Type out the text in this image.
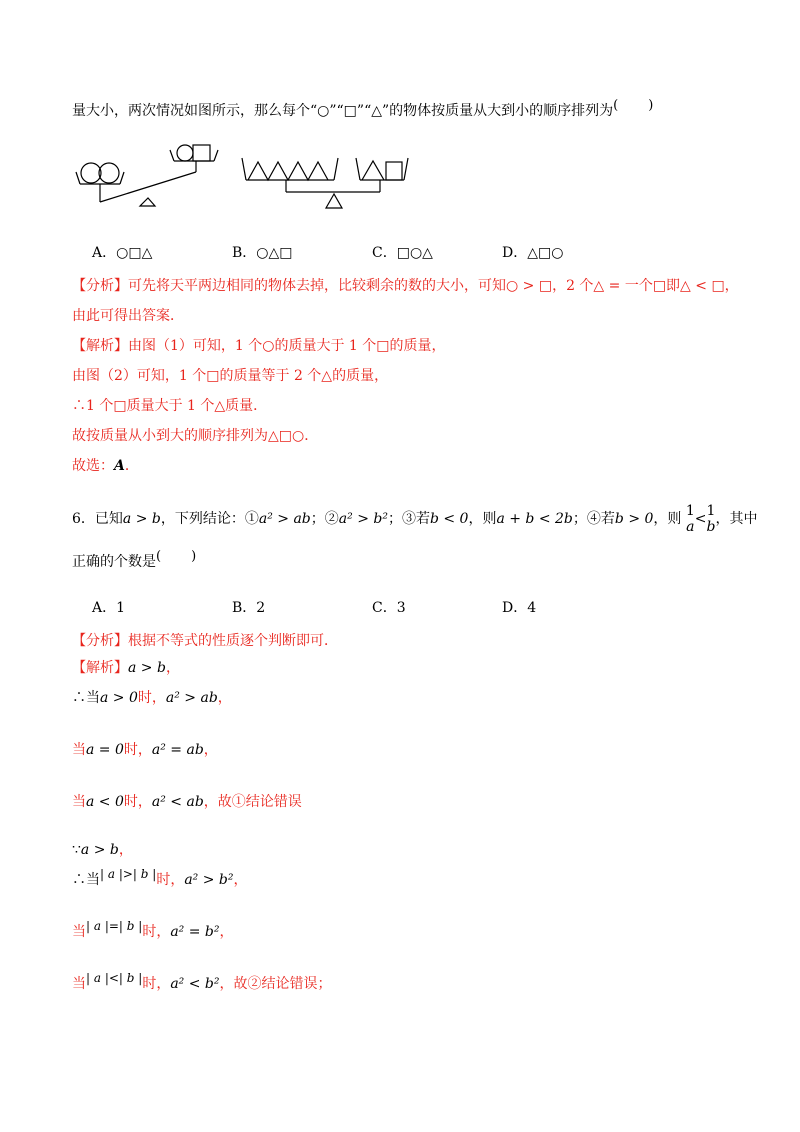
量大小，两次情况如图所示，那么每个“○”“□”“△”的物体按质量从大到小的顺序排列为( )
A．○□△	B．○△□	C．□○△	D．△□○
【分析】可先将天平两边相同的物体去掉，比较剩余的数的大小，可知○ > □，2 个△ = 一个□即△ < □，
由此可得出答案．
【解析】由图（1）可知，1 个○的质量大于 1 个□的质量，
由图（2）可知，1 个□的质量等于 2 个△的质量，
∴1 个□质量大于 1 个△质量．
故按质量从小到大的顺序排列为△□○．
故选：A．
6．已知a > b，下列结论：①a² > ab；②a² > b²；③若b < 0，则a + b < 2b；④若b > 0，则 1
a < 1
b ，其中
正确的个数是( )
A．1	B．2	C．3	D．4
【分析】根据不等式的性质逐个判断即可．
【解析】a > b，
∴当a > 0时，a² > ab，
当a = 0时，a² = ab，
当a < 0时，a² < ab，故①结论错误
∵a > b，
∴当| a |>| b |时，a² > b²，
当| a |=| b |时，a² = b²，
当| a |<| b |时，a² < b²，故②结论错误；
